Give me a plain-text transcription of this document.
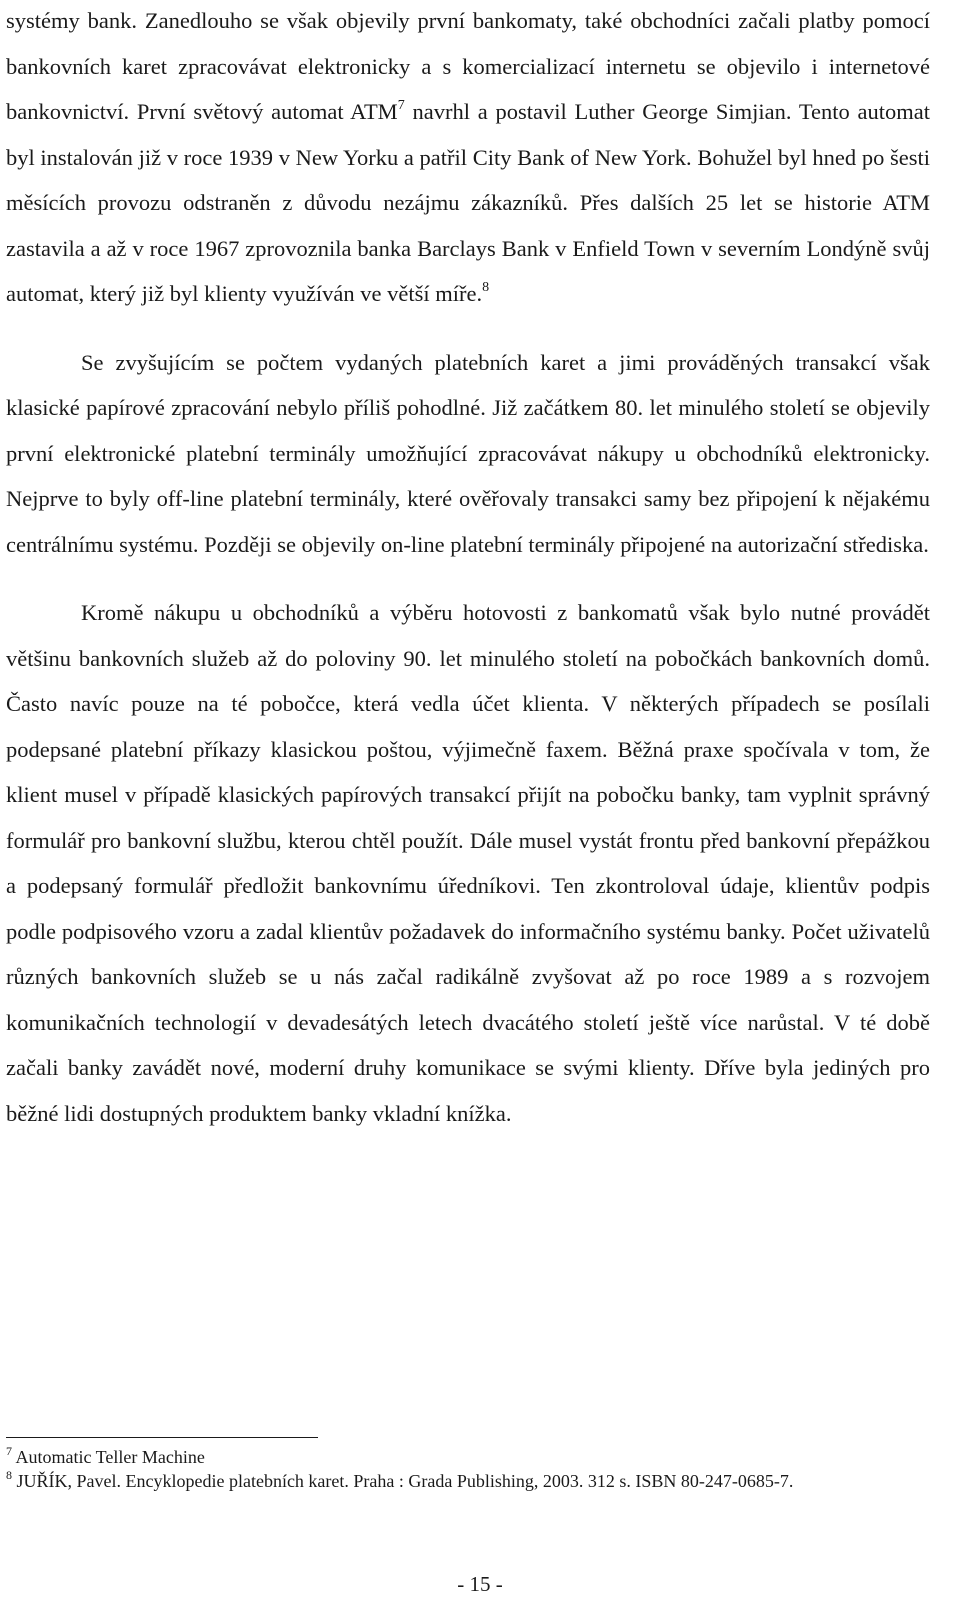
systémy bank. Zanedlouho se však objevily první bankomaty, také obchodníci začali platby pomocí bankovních karet zpracovávat elektronicky a s komercializací internetu se objevilo i internetové bankovnictví. První světový automat ATM$^7$ navrhl a postavil Luther George Simjian. Tento automat byl instalován již v roce 1939 v New Yorku a patřil City Bank of New York. Bohužel byl hned po šesti měsících provozu odstraněn z důvodu nezájmu zákazníků. Přes dalších 25 let se historie ATM zastavila a až v roce 1967 zprovoznila banka Barclays Bank v Enfield Town v severním Londýně svůj automat, který již byl klienty využíván ve větší míře.$^8$

Se zvyšujícím se počtem vydaných platebních karet a jimi prováděných transakcí však klasické papírové zpracování nebylo příliš pohodlné. Již začátkem 80. let minulého století se objevily první elektronické platební terminály umožňující zpracovávat nákupy u obchodníků elektronicky. Nejprve to byly off-line platební terminály, které ověřovaly transakci samy bez připojení k nějakému centrálnímu systému. Později se objevily on-line platební terminály připojené na autorizační střediska.

Kromě nákupu u obchodníků a výběru hotovosti z bankomatů však bylo nutné provádět většinu bankovních služeb až do poloviny 90. let minulého století na pobočkách bankovních domů. Často navíc pouze na té pobočce, která vedla účet klienta. V některých případech se posílali podepsané platební příkazy klasickou poštou, výjimečně faxem. Běžná praxe spočívala v tom, že klient musel v případě klasických papírových transakcí přijít na pobočku banky, tam vyplnit správný formulář pro bankovní službu, kterou chtěl použít. Dále musel vystát frontu před bankovní přepážkou a podepsaný formulář předložit bankovnímu úředníkovi. Ten zkontroloval údaje, klientův podpis podle podpisového vzoru a zadal klientův požadavek do informačního systému banky. Počet uživatelů různých bankovních služeb se u nás začal radikálně zvyšovat až po roce 1989 a s rozvojem komunikačních technologií v devadesátých letech dvacátého století ještě více narůstal. V té době začali banky zavádět nové, moderní druhy komunikace se svými klienty. Dříve byla jediných pro běžné lidi dostupných produktem banky vkladní knížka.

$^7$ Automatic Teller Machine

$^8$ JUŘÍK, Pavel. Encyklopedie platebních karet. Praha : Grada Publishing, 2003. 312 s. ISBN 80-247-0685-7.

- 15 -
